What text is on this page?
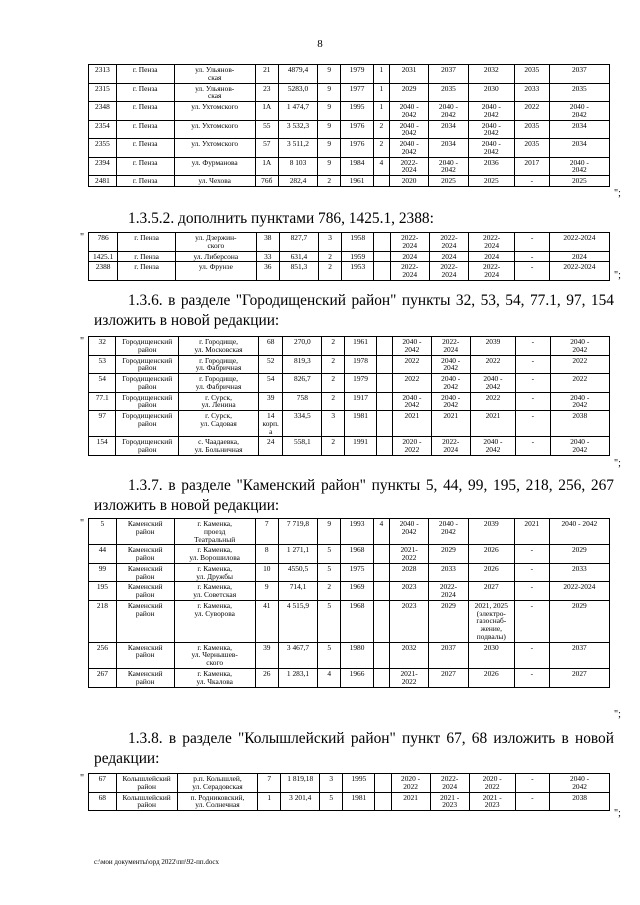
8
2313	г. Пенза	ул. Ульянов-
ская	21	4879,4	9	1979	1	2031	2037	2032	2035	2037
2315	г. Пенза	ул. Ульянов-
ская	23	5283,0	9	1977	1	2029	2035	2030	2033	2035
2348	г. Пенза	ул. Ухтомского	1А	1 474,7	9	1995	1	2040 -
2042	2040 -
2042	2040 -
2042	2022	2040 -
2042
2354	г. Пенза	ул. Ухтомского	55	3 532,3	9	1976	2	2040 -
2042	2034	2040 -
2042	2035	2034
2355	г. Пенза	ул. Ухтомского	57	3 511,2	9	1976	2	2040 -
2042	2034	2040 -
2042	2035	2034
2394	г. Пенза	ул. Фурманова	1А	8 103	9	1984	4	2022-
2024	2040 -
2042	2036	2017	2040 -
2042
2481	г. Пенза	ул. Чехова	76б	282,4	2	1961		2020	2025	2025	-	2025
";
1.3.5.2. дополнить пунктами 786, 1425.1, 2388:
" 786	г. Пенза	ул. Дзержин-
ского	38	827,7	3	1958		2022-
2024	2022-
2024	2022-
2024	-	2022-2024
1425.1	г. Пенза	ул. Либерсона	33	631,4	2	1959		2024	2024	2024	-	2024
2388	г. Пенза	ул. Фрунзе	36	851,3	2	1953		2022-
2024	2022-
2024	2022-
2024	-	2022-2024
";
1.3.6. в разделе "Городищенский район" пункты 32, 53, 54, 77.1, 97, 154 изложить в новой редакции:
" 32	Городищенский
район	г. Городище,
ул. Московская	68	270,0	2	1961		2040 -
2042	2022-
2024	2039	-	2040 -
2042
53	Городищенский
район	г. Городище,
ул. Фабричная	52	819,3	2	1978		2022	2040 -
2042	2022	-	2022
54	Городищенский
район	г. Городище,
ул. Фабричная	54	826,7	2	1979		2022	2040 -
2042	2040 -
2042	-	2022
77.1	Городищенский
район	г. Сурск,
ул. Ленина	39	758	2	1917		2040 -
2042	2040 -
2042	2022	-	2040 -
2042
97	Городищенский
район	г. Сурск,
ул. Садовая	14 корп. а	334,5	3	1981		2021	2021	2021	-	2038
154	Городищенский
район	с. Чаадаевка,
ул. Больничная	24	558,1	2	1991		2020 -
2022	2022-
2024	2040 -
2042	-	2040 -
2042
";
1.3.7. в разделе "Каменский район" пункты 5, 44, 99, 195, 218, 256, 267 изложить в новой редакции:
" 5	Каменский
район	г. Каменка,
проезд
Театральный	7	7 719,8	9	1993	4	2040 -
2042	2040 -
2042	2039	2021	2040 - 2042
44	Каменский
район	г. Каменка,
ул. Ворошилова	8	1 271,1	5	1968		2021-
2022	2029	2026	-	2029
99	Каменский
район	г. Каменка,
ул. Дружбы	10	4550,5	5	1975		2028	2033	2026	-	2033
195	Каменский
район	г. Каменка,
ул. Советская	9	714,1	2	1969		2023	2022-
2024	2027	-	2022-2024
218	Каменский
район	г. Каменка,
ул. Суворова	41	4 515,9	5	1968		2023	2029	2021, 2025
(электро-
газоснаб-
жение,
подвалы)	-	2029
256	Каменский
район	г. Каменка,
ул. Чернышев-
ского	39	3 467,7	5	1980		2032	2037	2030	-	2037
267	Каменский
район	г. Каменка,
ул. Чкалова	26	1 283,1	4	1966		2021-
2022	2027	2026	-	2027
";
1.3.8. в разделе "Колышлейский район" пункт 67, 68 изложить в новой редакции:
" 67	Колышлейский
район	р.п. Колышлей,
ул. Серадовская	7	1 819,18	3	1995		2020 -
2022	2022-
2024	2020 -
2022	-	2040 -
2042
68	Колышлейский
район	п. Родниковский,
ул. Солнечная	1	3 201,4	5	1981		2021	2021 -
2023	2021 -
2023	-	2038
";
c:\мои документы\орд 2022\пп\92-пп.docx
